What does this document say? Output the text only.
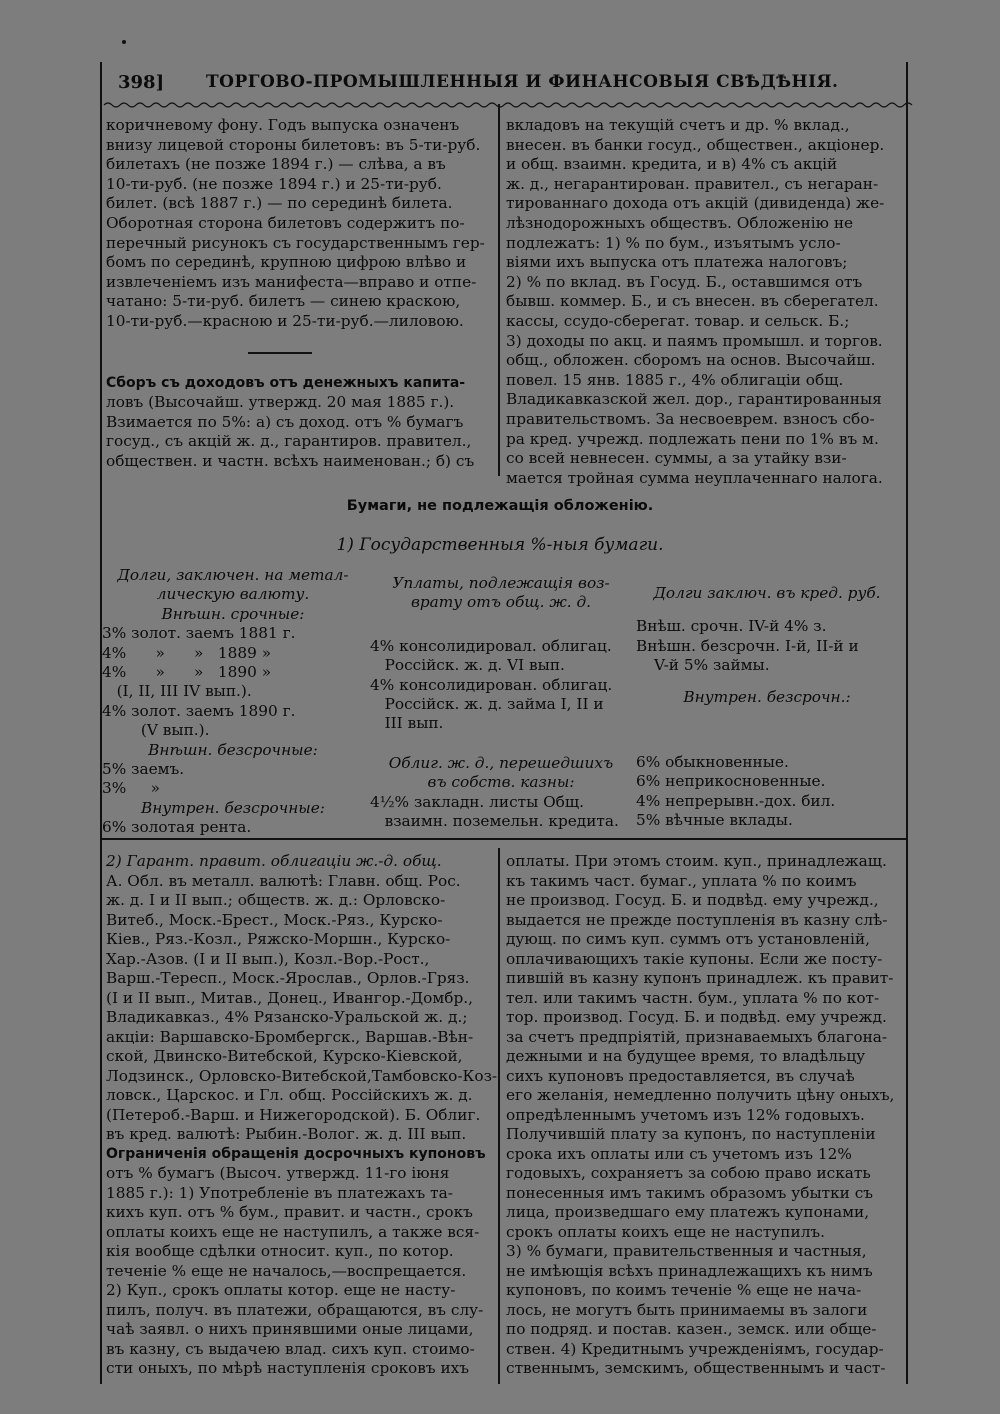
398] ТОРГОВО-ПРОМЫШЛЕННЫЯ И ФИНАНСОВЫЯ СВѢДѢНІЯ.
коричневому фону. Годъ выпуска означенъ
внизу лицевой стороны билетовъ: въ 5-ти-руб.
билетахъ (не позже 1894 г.) — слѣва, а въ
10-ти-руб. (не позже 1894 г.) и 25-ти-руб.
билет. (всѣ 1887 г.) — по серединѣ билета.
Оборотная сторона билетовъ содержитъ по-
перечный рисунокъ съ государственнымъ гер-
бомъ по серединѣ, крупною цифрою влѣво и
извлеченіемъ изъ манифеста—вправо и отпе-
чатано: 5-ти-руб. билетъ — синею краскою,
10-ти-руб.—красною и 25-ти-руб.—лиловою.
Сборъ съ доходовъ отъ денежныхъ капита-
ловъ (Высочайш. утвержд. 20 мая 1885 г.).
Взимается по 5%: а) съ доход. отъ % бумагъ
госуд., съ акцій ж. д., гарантиров. правител.,
обществен. и частн. всѣхъ наименован.; б) съ
вкладовъ на текущій счетъ и др. % вклад.,
внесен. въ банки госуд., обществен., акціонер.
и общ. взаимн. кредита, и в) 4% съ акцій
ж. д., негарантирован. правител., съ негаран-
тированнаго дохода отъ акцій (дивиденда) же-
лѣзнодорожныхъ обществъ. Обложенію не
подлежатъ: 1) % по бум., изъятымъ усло-
віями ихъ выпуска отъ платежа налоговъ;
2) % по вклад. въ Госуд. Б., оставшимся отъ
бывш. коммер. Б., и съ внесен. въ сберегател.
кассы, ссудо-сберегат. товар. и сельск. Б.;
3) доходы по акц. и паямъ промышл. и торгов.
общ., обложен. сборомъ на основ. Высочайш.
повел. 15 янв. 1885 г., 4% облигаціи общ.
Владикавказской жел. дор., гарантированныя
правительствомъ. За несвоеврем. взносъ сбо-
ра кред. учрежд. подлежать пени по 1% въ м.
со всей невнесен. суммы, а за утайку взи-
мается тройная сумма неуплаченнаго налога.
Бумаги, не подлежащія обложенію.
1) Государственныя %-ныя бумаги.
Долги, заключен. на метал-
лическую валюту.
Внѣшн. срочные:
3% золот. заемъ 1881 г.
4%      »      »   1889 »
4%      »      »   1890 »
(I, II, III IV вып.).
4% золот. заемъ 1890 г.
(V вып.).
Внѣшн. безсрочные:
5% заемъ.
3%     »
Внутрен. безсрочные:
6% золотая рента.
Уплаты, подлежащія воз-
врату отъ общ. ж. д.
4% консолидировал. облигац.
Россійск. ж. д. VI вып.
4% консолидирован. облигац.
Россійск. ж. д. займа I, II и
III вып.
Облиг. ж. д., перешедшихъ
въ собств. казны:
4½% закладн. листы Общ.
взаимн. поземельн. кредита.
Долги заключ. въ кред. руб.
Внѣш. срочн. IV-й 4% з.
Внѣшн. безсрочн. I-й, II-й и
V-й 5% займы.
Внутрен. безсрочн.:
6% обыкновенные.
6% неприкосновенные.
4% непрерывн.-дох. бил.
5% вѣчные вклады.
2) Гарант. правит. облигаціи ж.-д. общ.
А. Обл. въ металл. валютѣ: Главн. общ. Рос.
ж. д. I и II вып.; обществ. ж. д.: Орловско-
Витеб., Моск.-Брест., Моск.-Ряз., Курско-
Кіев., Ряз.-Козл., Ряжско-Моршн., Курско-
Хар.-Азов. (I и II вып.), Козл.-Вор.-Рост.,
Варш.-Тересп., Моск.-Ярослав., Орлов.-Гряз.
(I и II вып., Митав., Донец., Ивангор.-Домбр.,
Владикавказ., 4% Рязанско-Уральской ж. д.;
акціи: Варшавско-Бромбергск., Варшав.-Вѣн-
ской, Двинско-Витебской, Курско-Кіевской,
Лодзинск., Орловско-Витебской,Тамбовско-Коз-
ловск., Царскос. и Гл. общ. Россійскихъ ж. д.
(Петероб.-Варш. и Нижегородской). Б. Облиг.
въ кред. валютѣ: Рыбин.-Волог. ж. д. III вып.
Ограниченія обращенія досрочныхъ купоновъ
отъ % бумагъ (Высоч. утвержд. 11-го іюня
1885 г.): 1) Употребленіе въ платежахъ та-
кихъ куп. отъ % бум., правит. и частн., срокъ
оплаты коихъ еще не наступилъ, а также вся-
кія вообще сдѣлки относит. куп., по котор.
теченіе % еще не началось,—воспрещается.
2) Куп., срокъ оплаты котор. еще не насту-
пилъ, получ. въ платежи, обращаются, въ слу-
чаѣ заявл. о нихъ принявшими оные лицами,
въ казну, съ выдачею влад. сихъ куп. стоимо-
сти оныхъ, по мѣрѣ наступленія сроковъ ихъ
оплаты. При этомъ стоим. куп., принадлежащ.
къ такимъ част. бумаг., уплата % по коимъ
не производ. Госуд. Б. и подвѣд. ему учрежд.,
выдается не прежде поступленія въ казну слѣ-
дующ. по симъ куп. суммъ отъ установленій,
оплачивающихъ такіе купоны. Если же посту-
пившій въ казну купонъ принадлеж. къ правит-
тел. или такимъ частн. бум., уплата % по кот-
тор. производ. Госуд. Б. и подвѣд. ему учрежд.
за счетъ предпріятій, признаваемыхъ благона-
дежными и на будущее время, то владѣльцу
сихъ купоновъ предоставляется, въ случаѣ
его желанія, немедленно получить цѣну оныхъ,
опредѣленнымъ учетомъ изъ 12% годовыхъ.
Получившій плату за купонъ, по наступленіи
срока ихъ оплаты или съ учетомъ изъ 12%
годовыхъ, сохраняетъ за собою право искать
понесенныя имъ такимъ образомъ убытки съ
лица, произведшаго ему платежъ купонами,
срокъ оплаты коихъ еще не наступилъ.
3) % бумаги, правительственныя и частныя,
не имѣющія всѣхъ принадлежащихъ къ нимъ
купоновъ, по коимъ теченіе % еще не нача-
лось, не могутъ быть принимаемы въ залоги
по подряд. и постав. казен., земск. или обще-
ствен. 4) Кредитнымъ учрежденіямъ, государ-
ственнымъ, земскимъ, общественнымъ и част-
